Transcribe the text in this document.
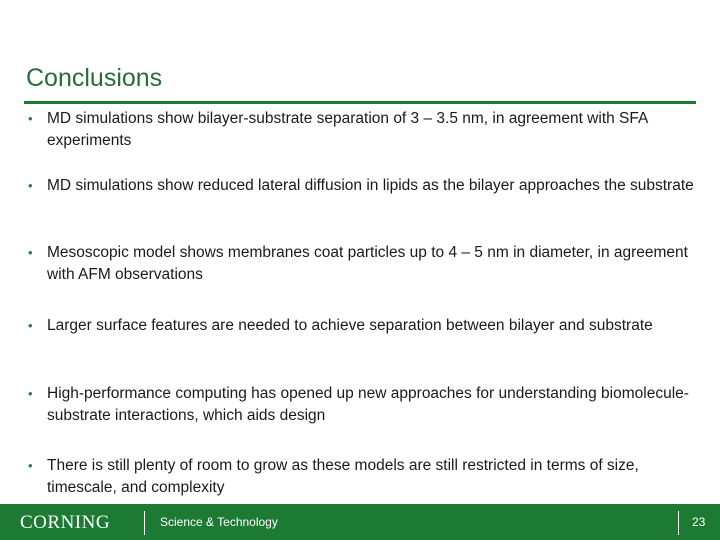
Conclusions
• MD simulations show bilayer-substrate separation of 3 – 3.5 nm, in agreement with SFA experiments
• MD simulations show reduced lateral diffusion in lipids as the bilayer approaches the substrate
• Mesoscopic model shows membranes coat particles up to 4 – 5 nm in diameter, in agreement with AFM observations
• Larger surface features are needed to achieve separation between bilayer and substrate
• High-performance computing has opened up new approaches for understanding biomolecule-substrate interactions, which aids design
• There is still plenty of room to grow as these models are still restricted in terms of size, timescale, and complexity
CORNING	Science & Technology	23
